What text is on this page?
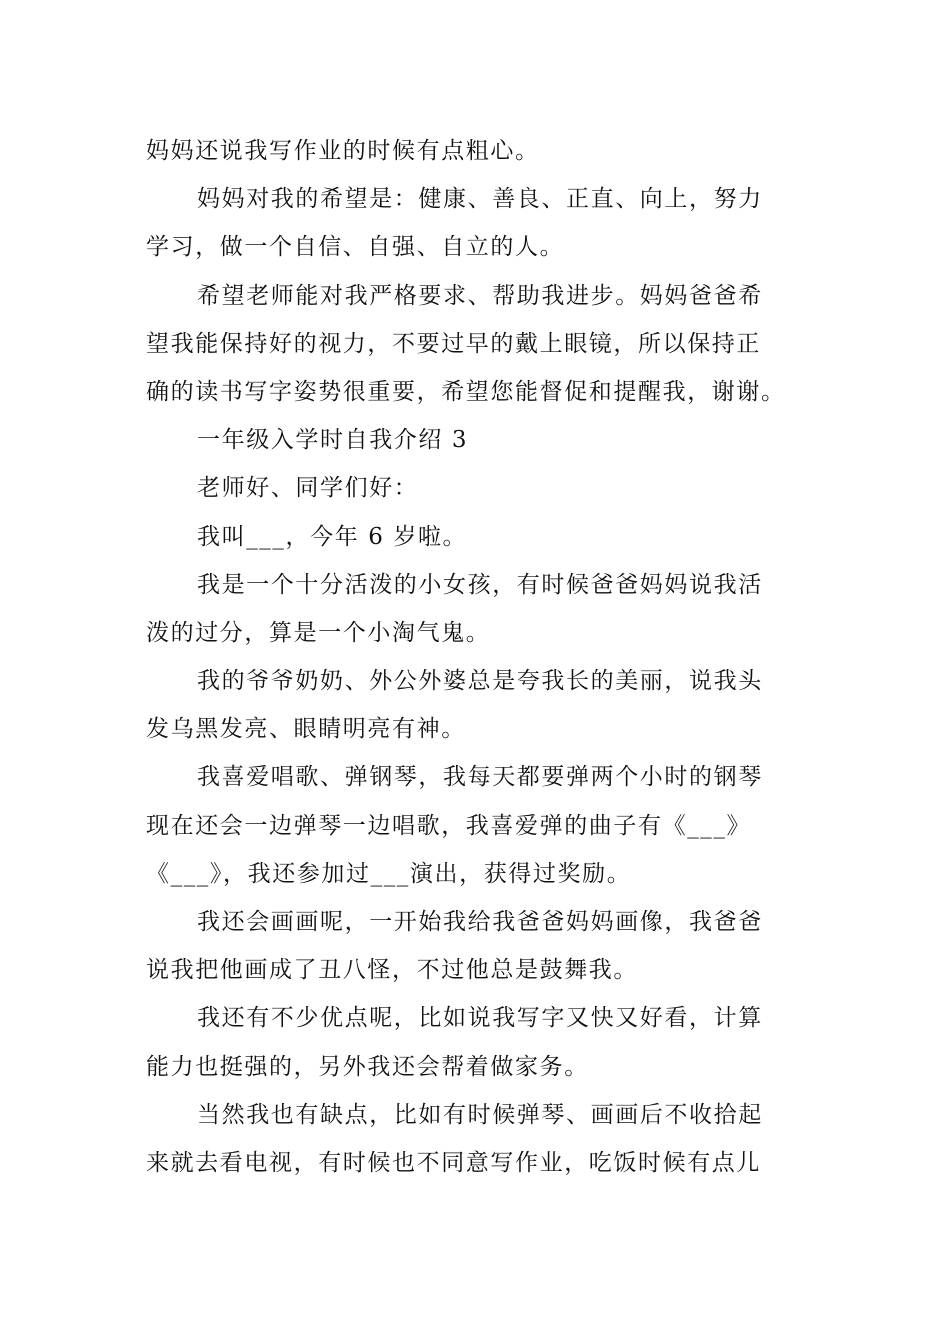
妈妈还说我写作业的时候有点粗心。

妈妈对我的希望是：健康、善良、正直、向上，努力
学习，做一个自信、自强、自立的人。

希望老师能对我严格要求、帮助我进步。妈妈爸爸希
望我能保持好的视力，不要过早的戴上眼镜，所以保持正
确的读书写字姿势很重要，希望您能督促和提醒我，谢谢。

一年级入学时自我介绍 3

老师好、同学们好：

我叫___，今年 6 岁啦。

我是一个十分活泼的小女孩，有时候爸爸妈妈说我活
泼的过分，算是一个小淘气鬼。

我的爷爷奶奶、外公外婆总是夸我长的美丽，说我头
发乌黑发亮、眼睛明亮有神。

我喜爱唱歌、弹钢琴，我每天都要弹两个小时的钢琴
现在还会一边弹琴一边唱歌，我喜爱弹的曲子有《___》
《___》，我还参加过___演出，获得过奖励。

我还会画画呢，一开始我给我爸爸妈妈画像，我爸爸
说我把他画成了丑八怪，不过他总是鼓舞我。

我还有不少优点呢，比如说我写字又快又好看，计算
能力也挺强的，另外我还会帮着做家务。

当然我也有缺点，比如有时候弹琴、画画后不收拾起
来就去看电视，有时候也不同意写作业，吃饭时候有点儿
